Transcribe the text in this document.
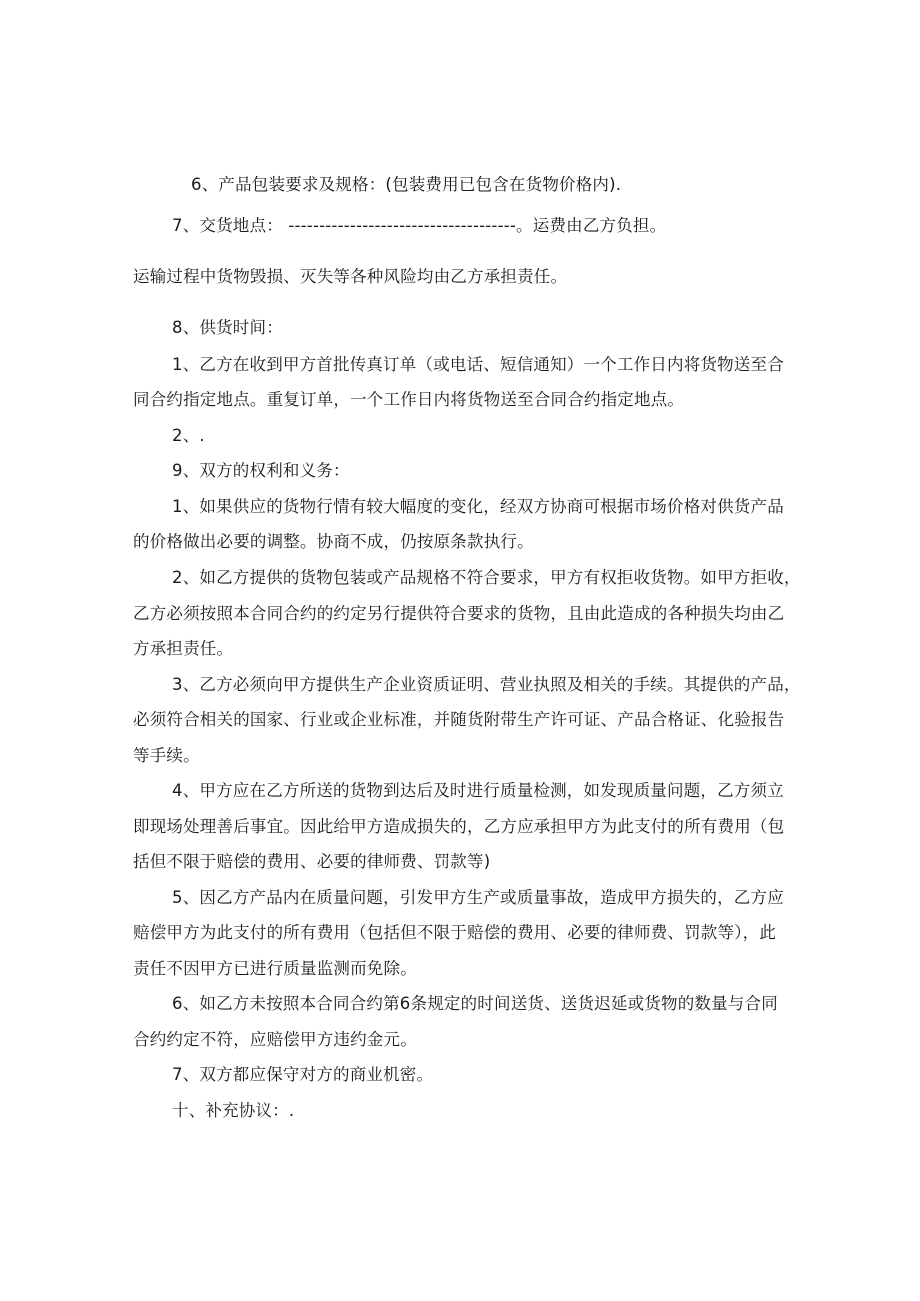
6、产品包装要求及规格：(包装费用已包含在货物价格内).
7、交货地点： -------------------------------------。运费由乙方负担。
运输过程中货物毁损、灭失等各种风险均由乙方承担责任。
8、供货时间：
1、乙方在收到甲方首批传真订单（或电话、短信通知）一个工作日内将货物送至合
同合约指定地点。重复订单，一个工作日内将货物送至合同合约指定地点。
2、.
9、双方的权利和义务：
1、如果供应的货物行情有较大幅度的变化，经双方协商可根据市场价格对供货产品
的价格做出必要的调整。协商不成，仍按原条款执行。
2、如乙方提供的货物包装或产品规格不符合要求，甲方有权拒收货物。如甲方拒收，
乙方必须按照本合同合约的约定另行提供符合要求的货物，且由此造成的各种损失均由乙
方承担责任。
3、乙方必须向甲方提供生产企业资质证明、营业执照及相关的手续。其提供的产品，
必须符合相关的国家、行业或企业标准，并随货附带生产许可证、产品合格证、化验报告
等手续。
4、甲方应在乙方所送的货物到达后及时进行质量检测，如发现质量问题，乙方须立
即现场处理善后事宜。因此给甲方造成损失的，乙方应承担甲方为此支付的所有费用（包
括但不限于赔偿的费用、必要的律师费、罚款等)
5、因乙方产品内在质量问题，引发甲方生产或质量事故，造成甲方损失的，乙方应
赔偿甲方为此支付的所有费用（包括但不限于赔偿的费用、必要的律师费、罚款等），此
责任不因甲方已进行质量监测而免除。
6、如乙方未按照本合同合约第6条规定的时间送货、送货迟延或货物的数量与合同
合约约定不符，应赔偿甲方违约金元。
7、双方都应保守对方的商业机密。
十、补充协议：.
